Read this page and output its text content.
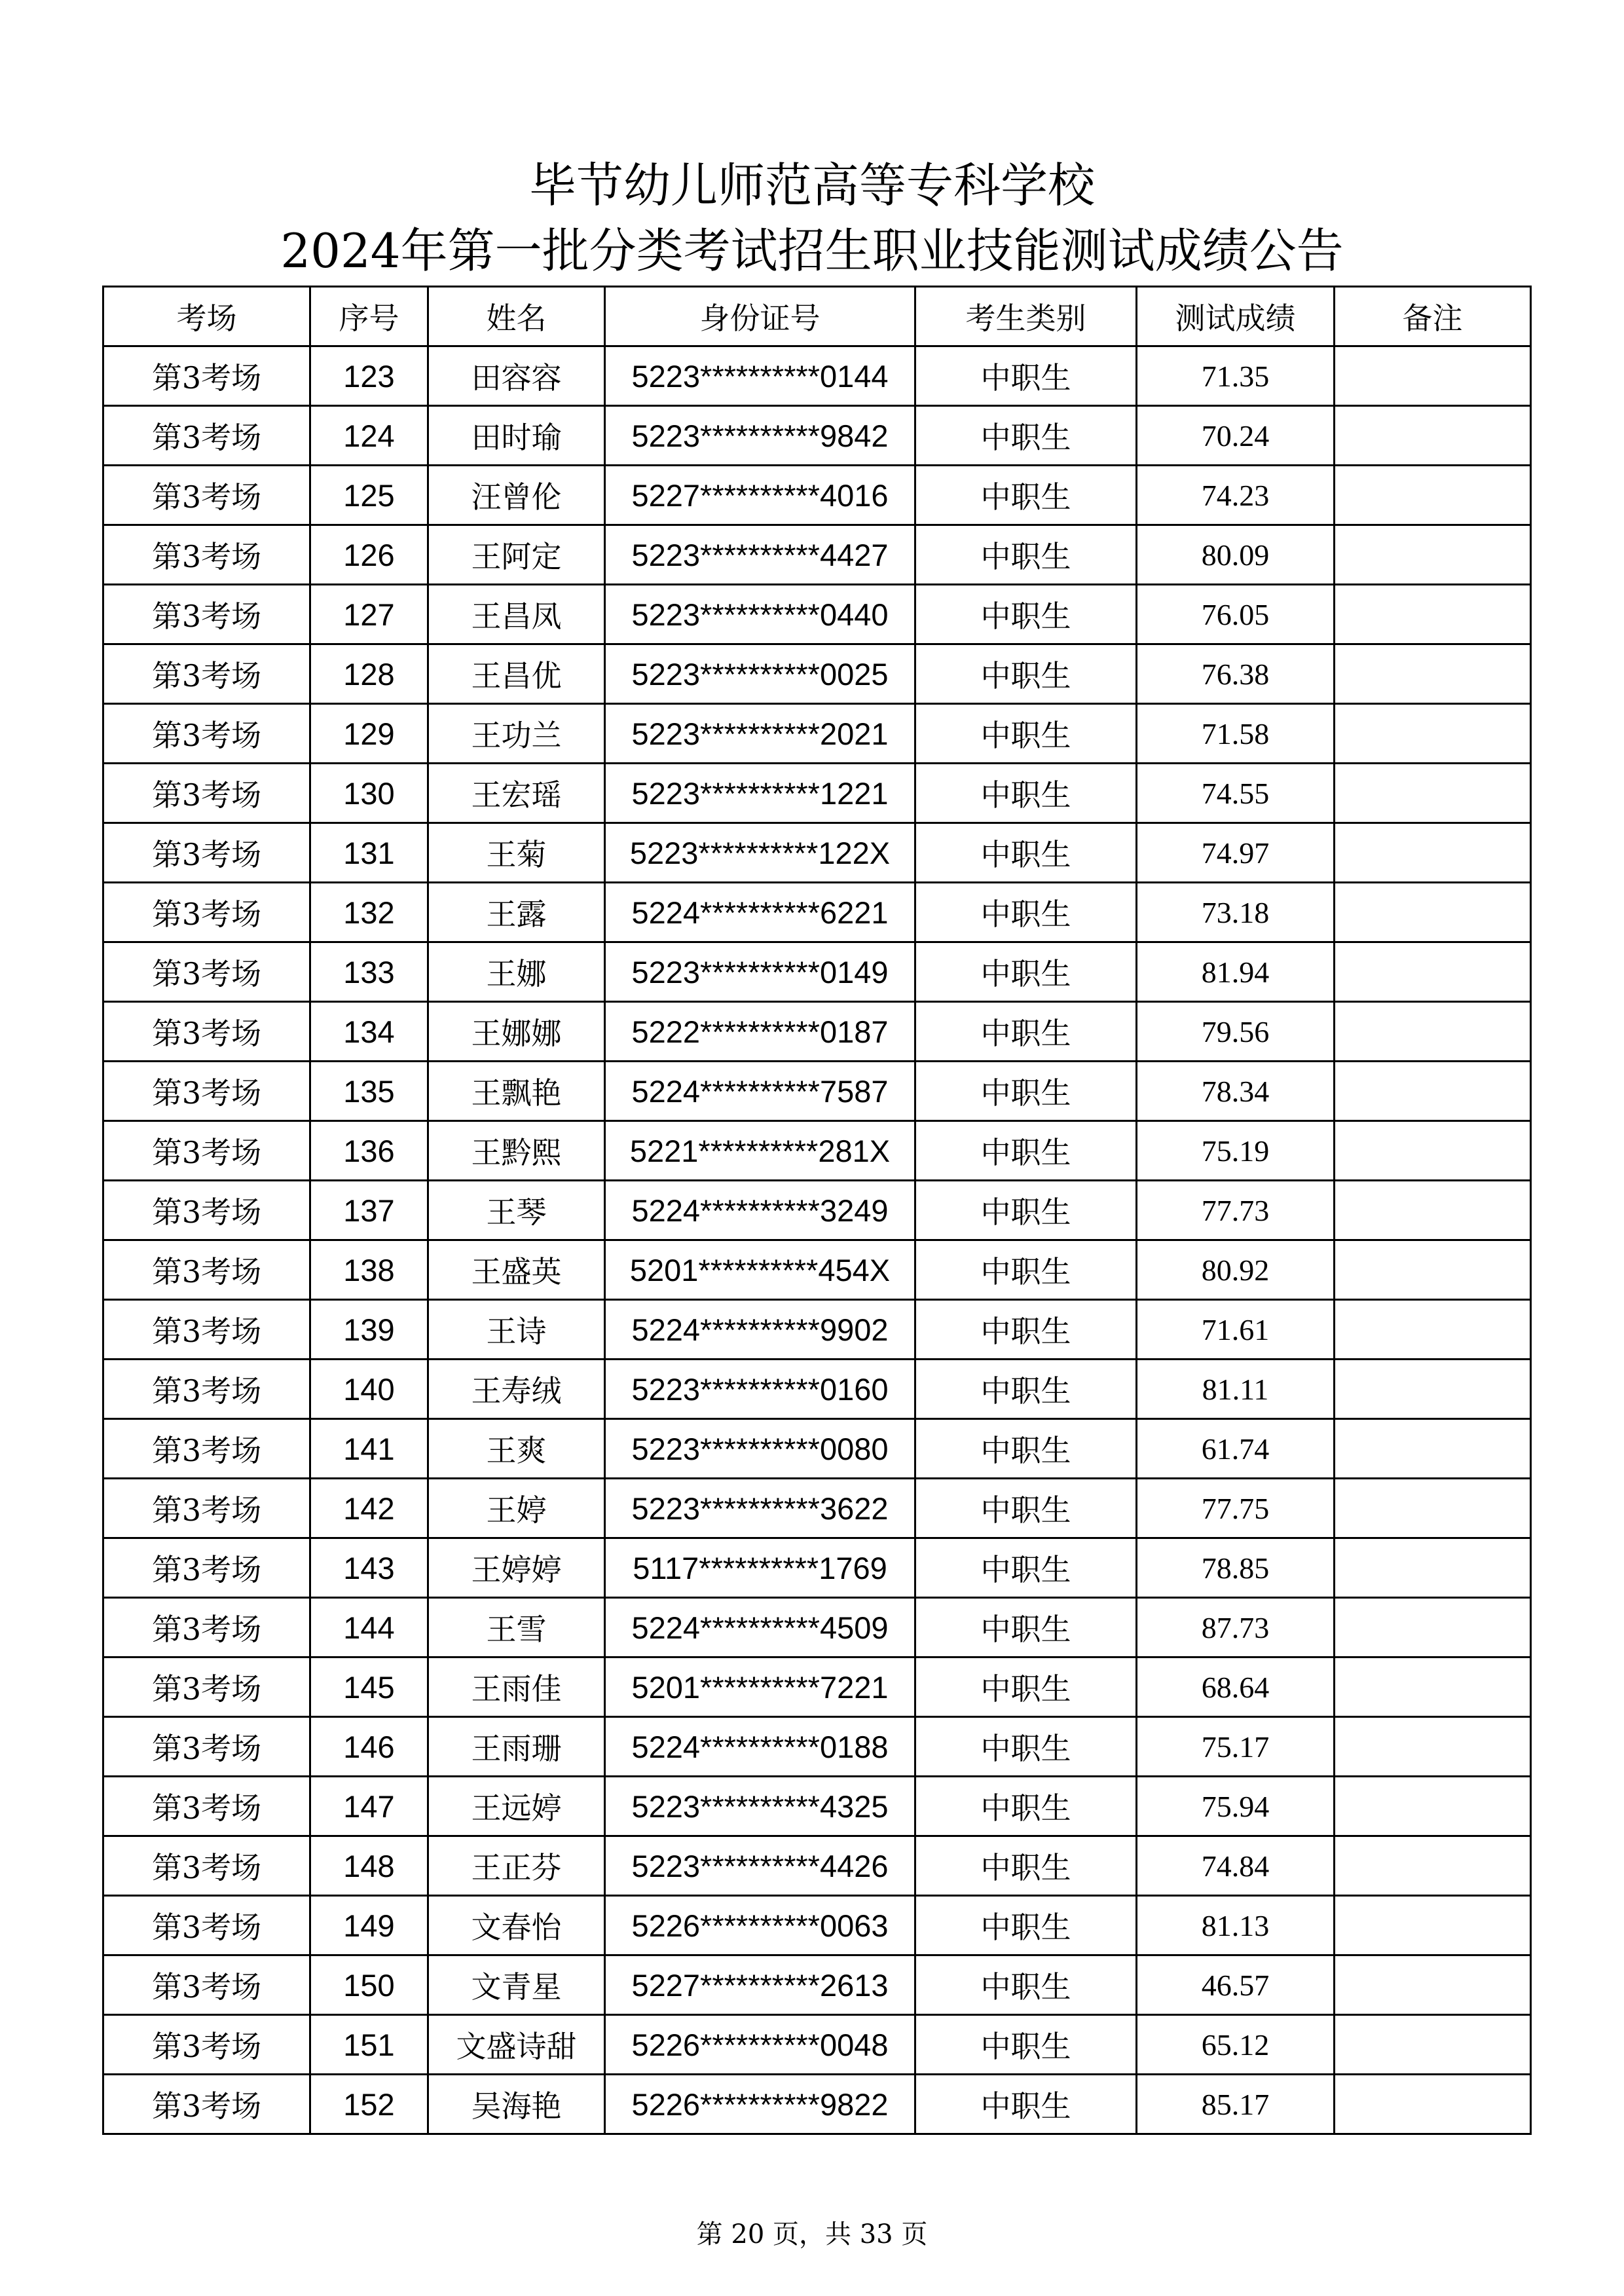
毕节幼儿师范高等专科学校
2024年第一批分类考试招生职业技能测试成绩公告
考场	序号	姓名	身份证号	考生类别	测试成绩	备注
第3考场	123	田容容	5223**********0144	中职生	71.35	
第3考场	124	田时瑜	5223**********9842	中职生	70.24	
第3考场	125	汪曾伦	5227**********4016	中职生	74.23	
第3考场	126	王阿定	5223**********4427	中职生	80.09	
第3考场	127	王昌凤	5223**********0440	中职生	76.05	
第3考场	128	王昌优	5223**********0025	中职生	76.38	
第3考场	129	王功兰	5223**********2021	中职生	71.58	
第3考场	130	王宏瑶	5223**********1221	中职生	74.55	
第3考场	131	王菊	5223**********122X	中职生	74.97	
第3考场	132	王露	5224**********6221	中职生	73.18	
第3考场	133	王娜	5223**********0149	中职生	81.94	
第3考场	134	王娜娜	5222**********0187	中职生	79.56	
第3考场	135	王飘艳	5224**********7587	中职生	78.34	
第3考场	136	王黔熙	5221**********281X	中职生	75.19	
第3考场	137	王琴	5224**********3249	中职生	77.73	
第3考场	138	王盛英	5201**********454X	中职生	80.92	
第3考场	139	王诗	5224**********9902	中职生	71.61	
第3考场	140	王寿绒	5223**********0160	中职生	81.11	
第3考场	141	王爽	5223**********0080	中职生	61.74	
第3考场	142	王婷	5223**********3622	中职生	77.75	
第3考场	143	王婷婷	5117**********1769	中职生	78.85	
第3考场	144	王雪	5224**********4509	中职生	87.73	
第3考场	145	王雨佳	5201**********7221	中职生	68.64	
第3考场	146	王雨珊	5224**********0188	中职生	75.17	
第3考场	147	王远婷	5223**********4325	中职生	75.94	
第3考场	148	王正芬	5223**********4426	中职生	74.84	
第3考场	149	文春怡	5226**********0063	中职生	81.13	
第3考场	150	文青星	5227**********2613	中职生	46.57	
第3考场	151	文盛诗甜	5226**********0048	中职生	65.12	
第3考场	152	吴海艳	5226**********9822	中职生	85.17	
第 20 页，共 33 页
